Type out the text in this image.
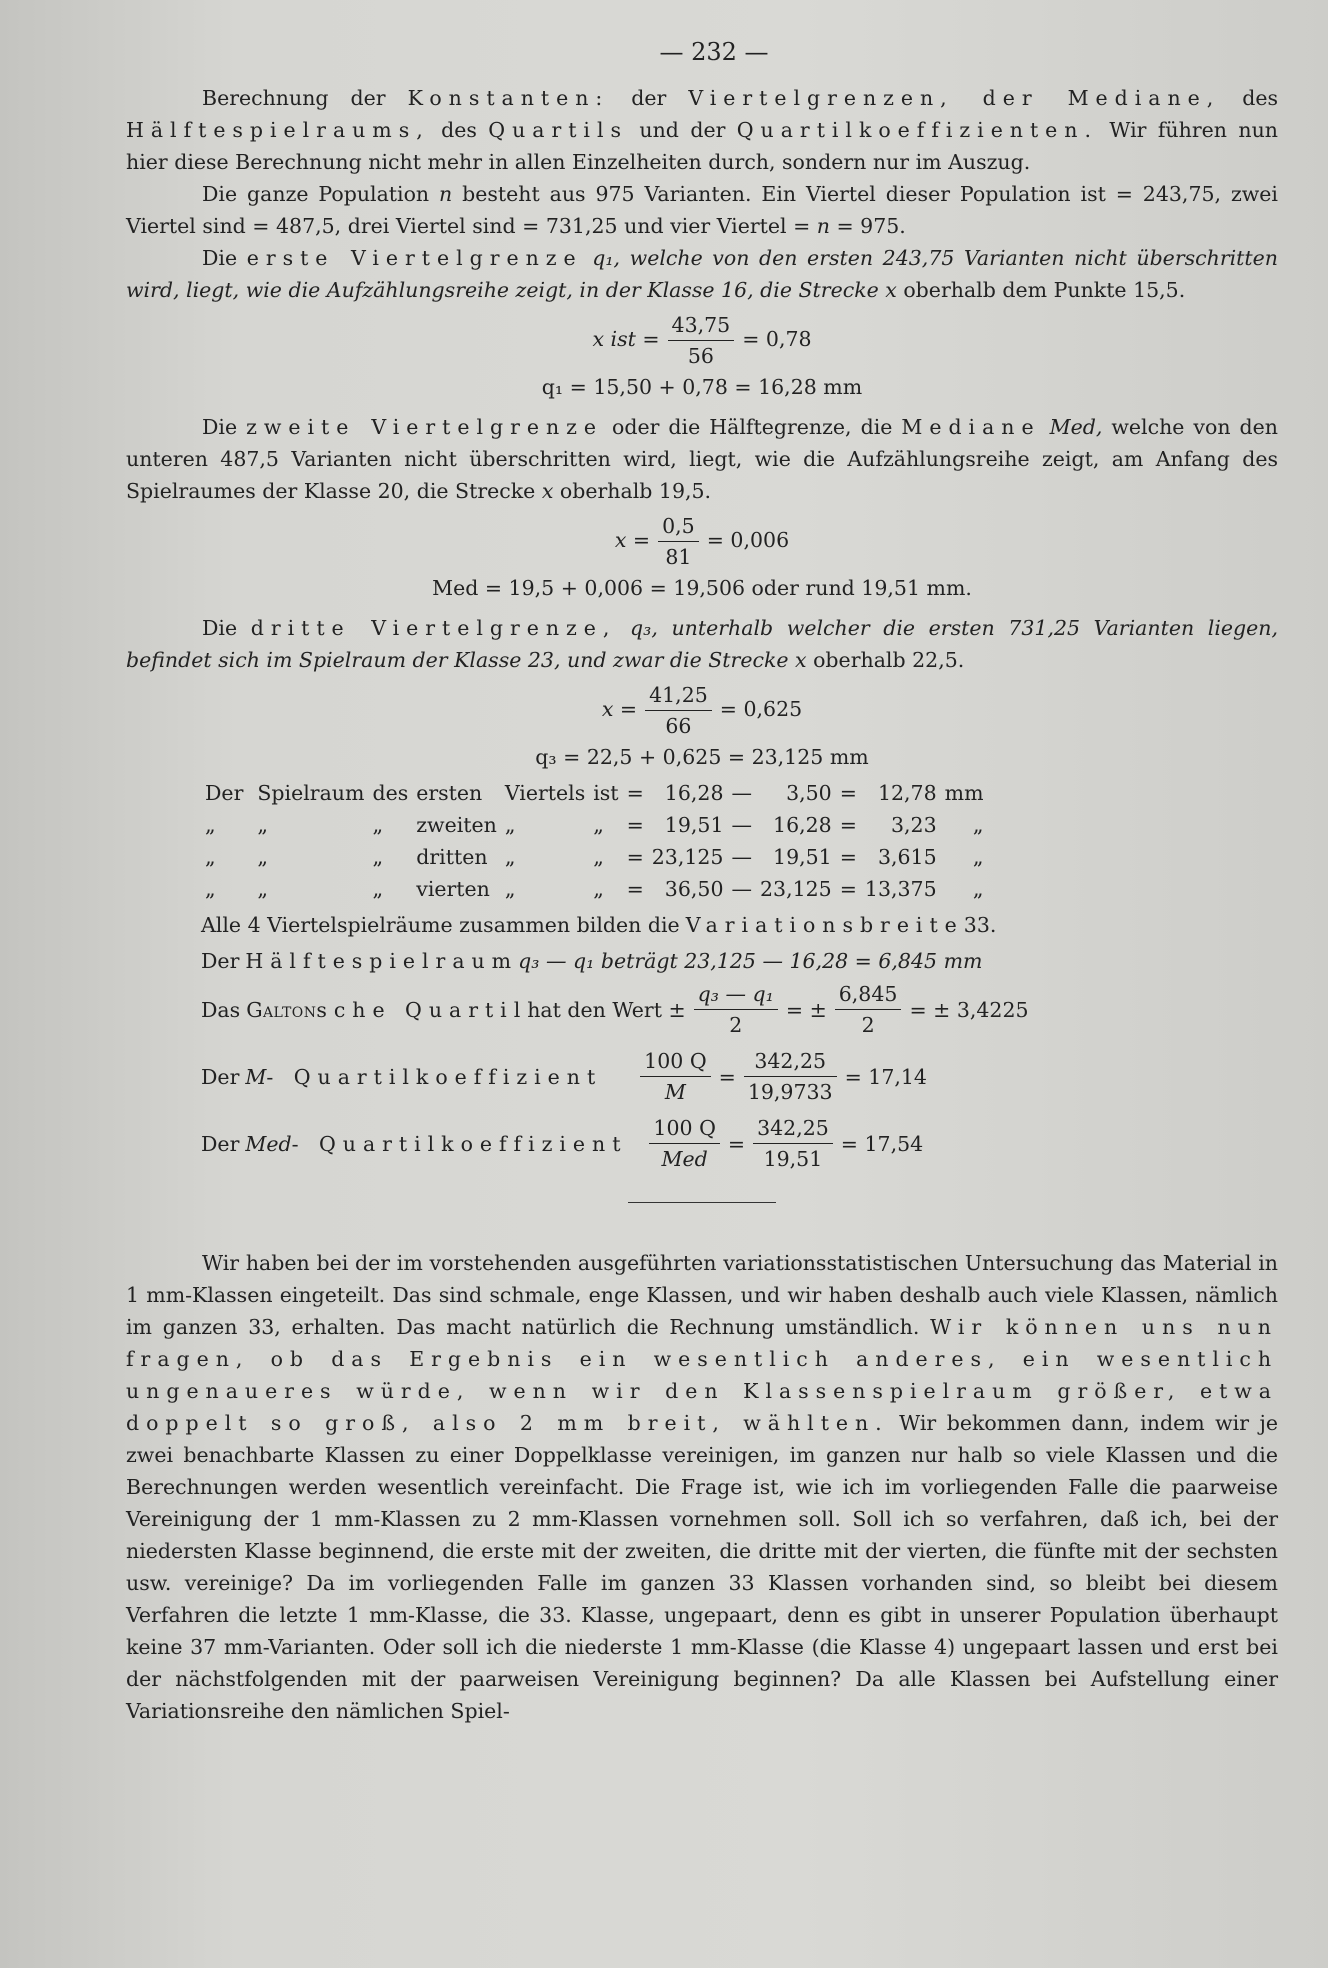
— 232 —

Berechnung der Konstanten: der Viertelgrenzen, der Mediane, des Hälftespielraums, des Quartils und der Quartilkoeffizienten. Wir führen nun hier diese Berechnung nicht mehr in allen Einzelheiten durch, sondern nur im Auszug.

Die ganze Population n besteht aus 975 Varianten. Ein Viertel dieser Population ist = 243,75, zwei Viertel sind = 487,5, drei Viertel sind = 731,25 und vier Viertel = n = 975.

Die erste Viertelgrenze q₁, welche von den ersten 243,75 Varianten nicht überschritten wird, liegt, wie die Aufzählungsreihe zeigt, in der Klasse 16, die Strecke x oberhalb dem Punkte 15,5.

x ist = $\frac{43,75}{56} = 0,78$
q₁ = 15,50 + 0,78 = 16,28 mm

Die zweite Viertelgrenze oder die Hälftegrenze, die Mediane Med, welche von den unteren 487,5 Varianten nicht überschritten wird, liegt, wie die Aufzählungsreihe zeigt, am Anfang des Spielraumes der Klasse 20, die Strecke x oberhalb 19,5.

$x = \frac{0,5}{81} = 0,006$
Med = 19,5 + 0,006 = 19,506 oder rund 19,51 mm.

Die dritte Viertelgrenze, q₃, unterhalb welcher die ersten 731,25 Varianten liegen, befindet sich im Spielraum der Klasse 23, und zwar die Strecke x oberhalb 22,5.

$x = \frac{41,25}{66} = 0,625$
q₃ = 22,5 + 0,625 = 23,125 mm
Der	Spielraum	des	ersten	Viertels	ist	=	16,28	—	3,50	=	12,78	mm
„	„	„	zweiten	„	„	=	19,51	—	16,28	=	3,23	„
„	„	„	dritten	„	„	=	23,125	—	19,51	=	3,615	„
„	„	„	vierten	„	„	=	36,50	—	23,125	=	13,375	„
Alle 4 Viertelspielräume zusammen bilden die Variationsbreite 33.
Der Hälftespielraum q₃ — q₁ beträgt 23,125 — 16,28 = 6,845 mm
Das Galton sche Quartil hat den Wert ± $\frac{\text{q₃ — q₁}}{2}$ = ± $\frac{6,845}{2}$ = ± 3,4225
Der M - Quartilkoeffizient $\frac{100 Q}{M} = \frac{342,25}{19,9733} = 17,14$
Der Med - Quartilkoeffizient $\frac{100 Q}{\text{Med}} = \frac{342,25}{19,51} = 17,54$

Wir haben bei der im vorstehenden ausgeführten variationsstatistischen Untersuchung das Material in 1 mm-Klassen eingeteilt. Das sind schmale, enge Klassen, und wir haben deshalb auch viele Klassen, nämlich im ganzen 33, erhalten. Das macht natürlich die Rechnung umständlich. Wir können uns nun fragen, ob das Ergebnis ein wesentlich anderes, ein wesentlich ungenaueres würde, wenn wir den Klassenspielraum größer, etwa doppelt so groß, also 2 mm breit, wählten. Wir bekommen dann, indem wir je zwei benachbarte Klassen zu einer Doppelklasse vereinigen, im ganzen nur halb so viele Klassen und die Berechnungen werden wesentlich vereinfacht. Die Frage ist, wie ich im vorliegenden Falle die paarweise Vereinigung der 1 mm-Klassen zu 2 mm-Klassen vornehmen soll. Soll ich so verfahren, daß ich, bei der niedersten Klasse beginnend, die erste mit der zweiten, die dritte mit der vierten, die fünfte mit der sechsten usw. vereinige? Da im vorliegenden Falle im ganzen 33 Klassen vorhanden sind, so bleibt bei diesem Verfahren die letzte 1 mm-Klasse, die 33. Klasse, ungepaart, denn es gibt in unserer Population überhaupt keine 37 mm-Varianten. Oder soll ich die niederste 1 mm-Klasse (die Klasse 4) ungepaart lassen und erst bei der nächstfolgenden mit der paarweisen Vereinigung beginnen? Da alle Klassen bei Aufstellung einer Variationsreihe den nämlichen Spiel-
